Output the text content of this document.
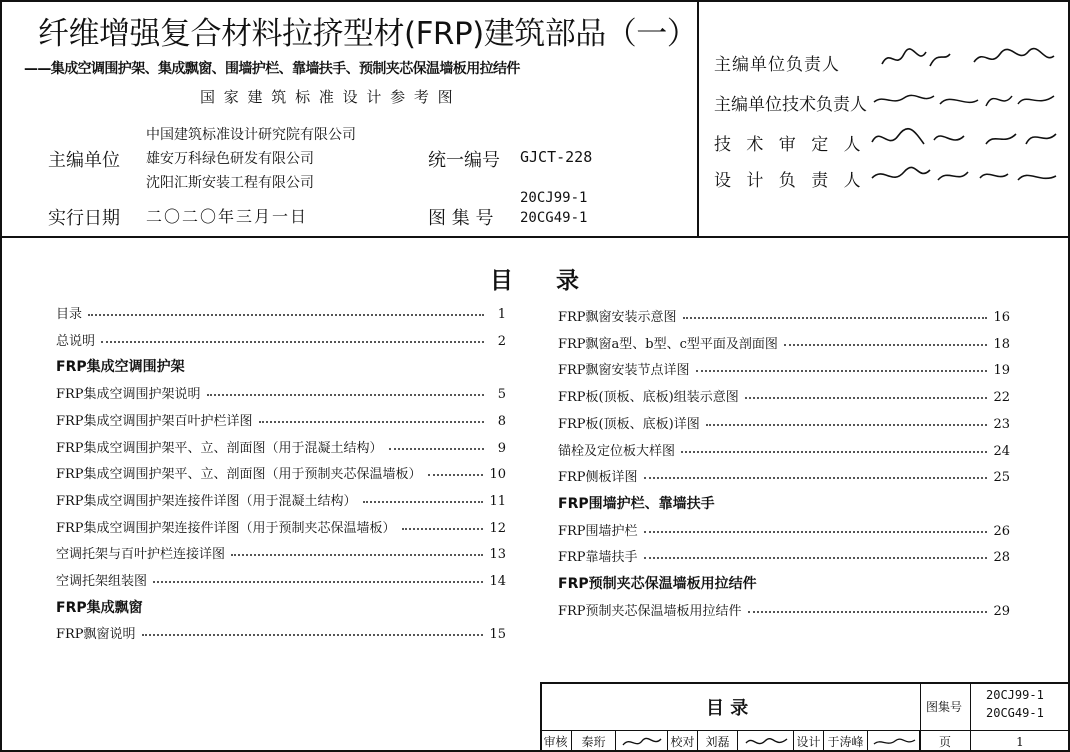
纤维增强复合材料拉挤型材(FRP)建筑部品（一）
——集成空调围护架、集成飘窗、围墙护栏、靠墙扶手、预制夹芯保温墙板用拉结件
国 家 建 筑 标 准 设 计 参 考 图
主编单位
中国建筑标准设计研究院有限公司
雄安万科绿色研发有限公司
沈阳汇斯安装工程有限公司
统一编号 GJCT-228
实行日期 二〇二〇年三月一日	图 集 号
20CJ99-1
20CG49-1
主编单位负责人
主编单位技术负责人
技 术 审 定 人
设 计 负 责 人
目 录
目录	1
总说明	2
FRP集成空调围护架
FRP集成空调围护架说明	5
FRP集成空调围护架百叶护栏详图	8
FRP集成空调围护架平、立、剖面图（用于混凝土结构）	9
FRP集成空调围护架平、立、剖面图（用于预制夹芯保温墙板）	10
FRP集成空调围护架连接件详图（用于混凝土结构）	11
FRP集成空调围护架连接件详图（用于预制夹芯保温墙板）	12
空调托架与百叶护栏连接详图	13
空调托架组装图	14
FRP集成飘窗
FRP飘窗说明	15
FRP飘窗安装示意图	16
FRP飘窗a型、b型、c型平面及剖面图	18
FRP飘窗安装节点详图	19
FRP板(顶板、底板)组装示意图	22
FRP板(顶板、底板)详图	23
锚栓及定位板大样图	24
FRP侧板详图	25
FRP围墙护栏、靠墙扶手
FRP围墙护栏	26
FRP靠墙扶手	28
FRP预制夹芯保温墙板用拉结件
FRP预制夹芯保温墙板用拉结件	29
目 录	图集号
20CJ99-1
20CG49-1
审核	秦珩	校对 刘磊	设计 于涛峰	页	1
